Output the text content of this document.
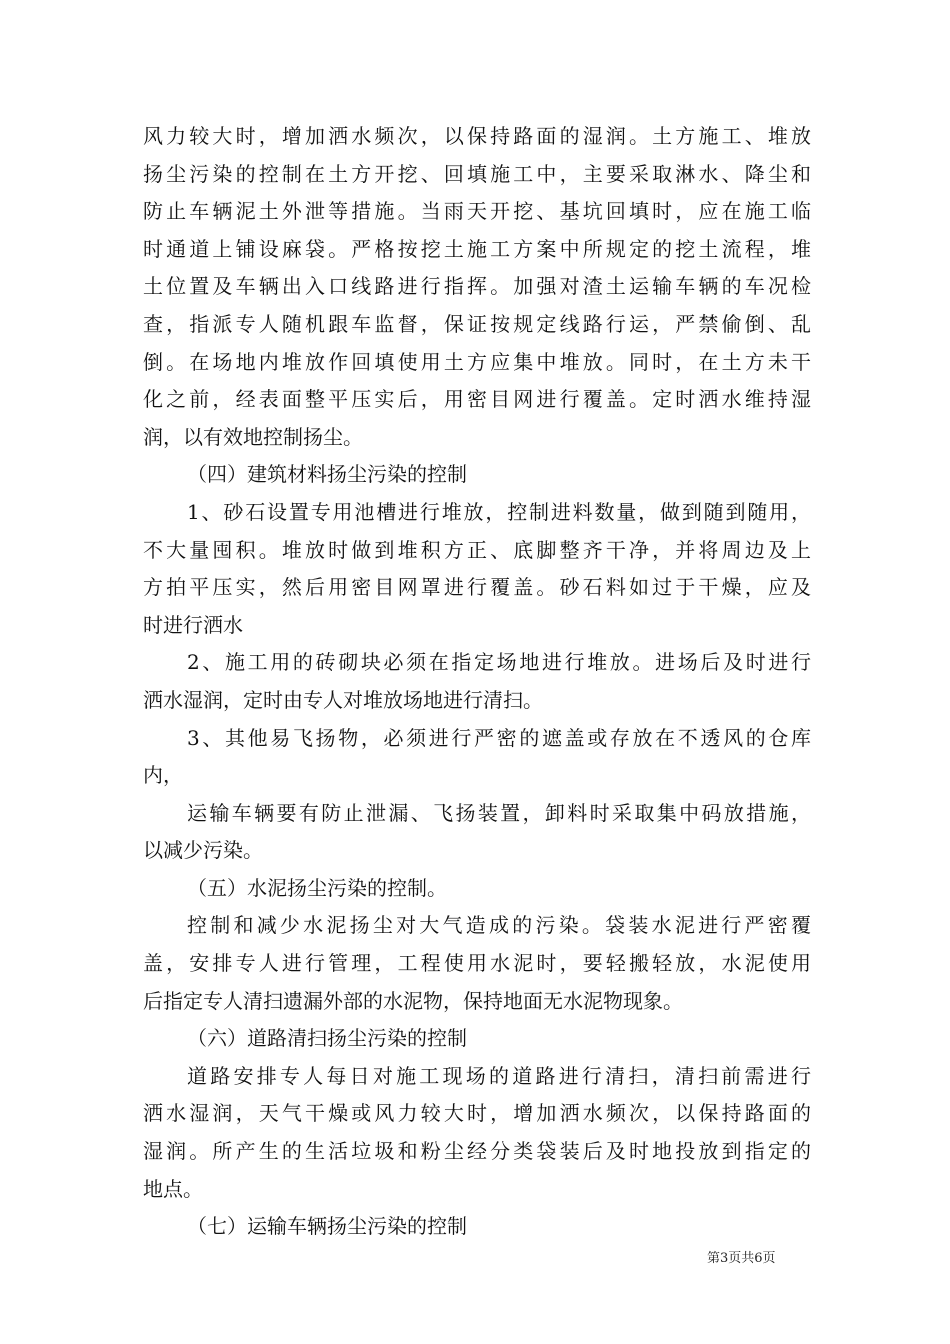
风力较大时，增加洒水频次，以保持路面的湿润。土方施工、堆放
扬尘污染的控制在土方开挖、回填施工中，主要采取淋水、降尘和
防止车辆泥土外泄等措施。当雨天开挖、基坑回填时，应在施工临
时通道上铺设麻袋。严格按挖土施工方案中所规定的挖土流程，堆
土位置及车辆出入口线路进行指挥。加强对渣土运输车辆的车况检
查，指派专人随机跟车监督，保证按规定线路行运，严禁偷倒、乱
倒。在场地内堆放作回填使用土方应集中堆放。同时，在土方未干
化之前，经表面整平压实后，用密目网进行覆盖。定时洒水维持湿
润，以有效地控制扬尘。
（四）建筑材料扬尘污染的控制
1、砂石设置专用池槽进行堆放，控制进料数量，做到随到随用，
不大量囤积。堆放时做到堆积方正、底脚整齐干净，并将周边及上
方拍平压实，然后用密目网罩进行覆盖。砂石料如过于干燥，应及
时进行洒水
2、施工用的砖砌块必须在指定场地进行堆放。进场后及时进行
洒水湿润，定时由专人对堆放场地进行清扫。
3、其他易飞扬物，必须进行严密的遮盖或存放在不透风的仓库
内，
运输车辆要有防止泄漏、飞扬装置，卸料时采取集中码放措施，
以减少污染。
（五）水泥扬尘污染的控制。
控制和减少水泥扬尘对大气造成的污染。袋装水泥进行严密覆
盖，安排专人进行管理，工程使用水泥时，要轻搬轻放，水泥使用
后指定专人清扫遗漏外部的水泥物，保持地面无水泥物现象。
（六）道路清扫扬尘污染的控制
道路安排专人每日对施工现场的道路进行清扫，清扫前需进行
洒水湿润，天气干燥或风力较大时，增加洒水频次，以保持路面的
湿润。所产生的生活垃圾和粉尘经分类袋装后及时地投放到指定的
地点。
（七）运输车辆扬尘污染的控制
第3页共6页
